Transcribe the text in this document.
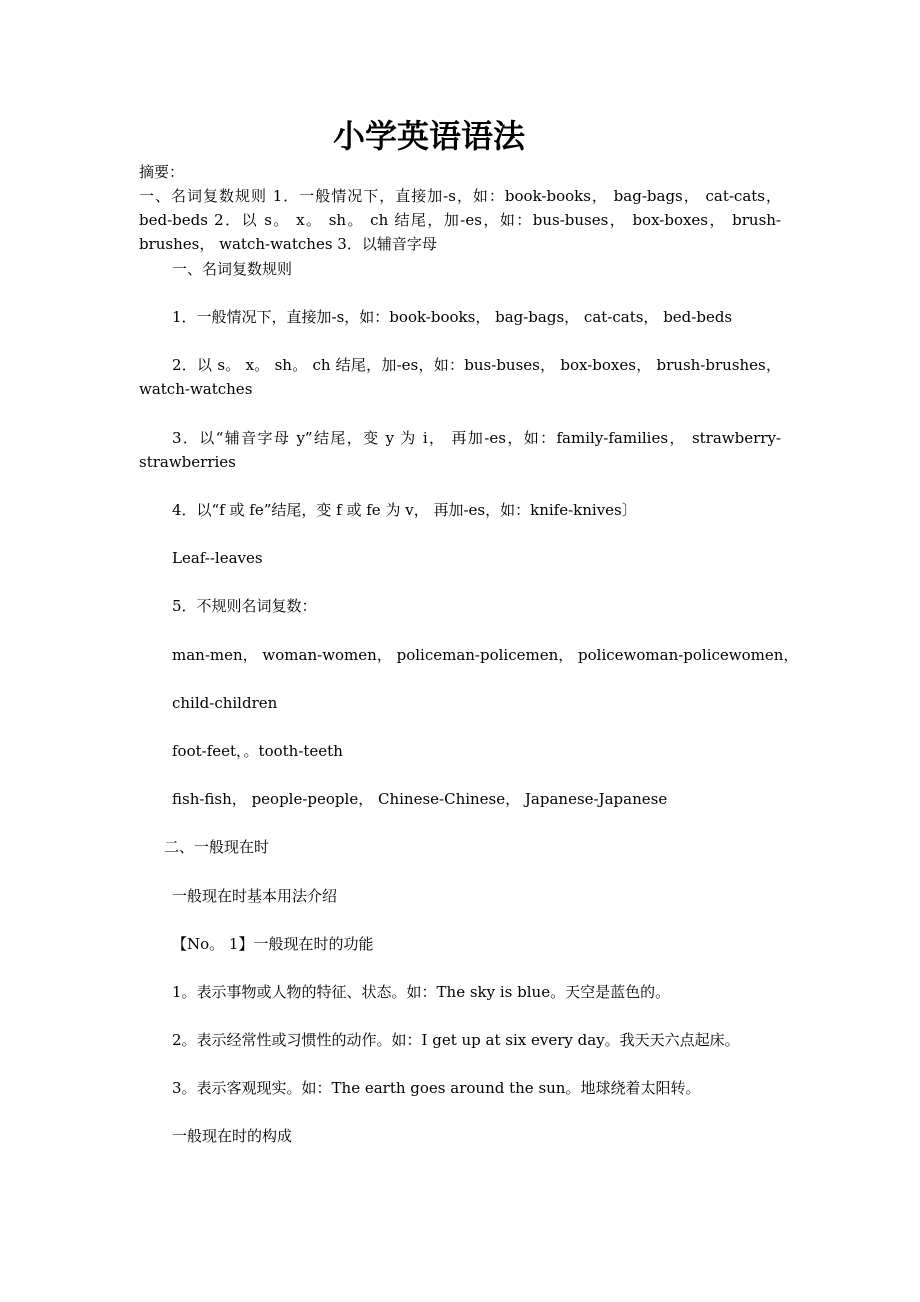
小学英语语法
摘要：
一、名词复数规则 1．一般情况下，直接加-s，如：book-books， bag-bags， cat-cats， bed-beds 2．以 s。 x。 sh。 ch 结尾，加-es，如：bus-buses， box-boxes， brush-brushes， watch-watches 3．以辅音字母
一、名词复数规则
1．一般情况下，直接加-s，如：book-books， bag-bags， cat-cats， bed-beds
2．以 s。 x。 sh。 ch 结尾，加-es，如：bus-buses， box-boxes， brush-brushes， watch-watches
3．以“辅音字母 y”结尾，变 y 为 i， 再加-es，如：family-families， strawberry-strawberries
4．以“f 或 fe”结尾，变 f 或 fe 为 v， 再加-es，如：knife-knives〕
Leaf--leaves
5．不规则名词复数：
man-men， woman-women， policeman-policemen， policewoman-policewomen，
child-children
foot-feet，。tooth-teeth
fish-fish， people-people， Chinese-Chinese， Japanese-Japanese
二、一般现在时
一般现在时基本用法介绍
【No。 1】一般现在时的功能
1。表示事物或人物的特征、状态。如：The sky is blue。天空是蓝色的。
2。表示经常性或习惯性的动作。如：I get up at six every day。我天天六点起床。
3。表示客观现实。如：The earth goes around the sun。地球绕着太阳转。
一般现在时的构成
